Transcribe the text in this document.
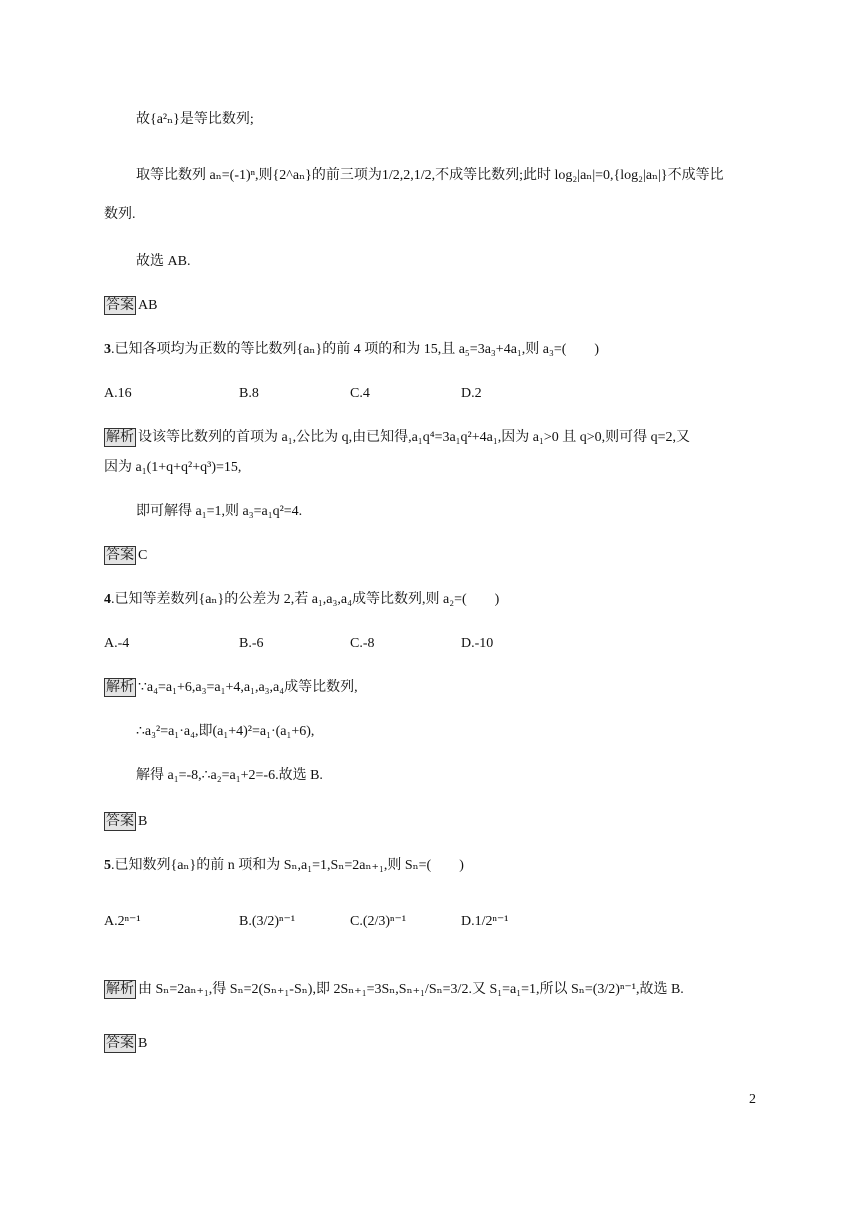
故{a²ₙ}是等比数列;
取等比数列 aₙ=(-1)ⁿ,则{2^aₙ}的前三项为1/2,2,1/2,不成等比数列;此时 log₂|aₙ|=0,{log₂|aₙ|}不成等比
数列.
故选 AB.
答案 AB
3.已知各项均为正数的等比数列{aₙ}的前 4 项的和为 15,且 a₅=3a₃+4a₁,则 a₃=(　　)
A.16	B.8	C.4	D.2
解析 设该等比数列的首项为 a₁,公比为 q,由已知得,a₁q⁴=3a₁q²+4a₁,因为 a₁>0 且 q>0,则可得 q=2,又
因为 a₁(1+q+q²+q³)=15,
即可解得 a₁=1,则 a₃=a₁q²=4.
答案 C
4.已知等差数列{aₙ}的公差为 2,若 a₁,a₃,a₄成等比数列,则 a₂=(　　)
A.-4	B.-6	C.-8	D.-10
解析 ∵a₄=a₁+6,a₃=a₁+4,a₁,a₃,a₄成等比数列,
∴a₃²=a₁·a₄,即(a₁+4)²=a₁·(a₁+6),
解得 a₁=-8,∴a₂=a₁+2=-6.故选 B.
答案 B
5.已知数列{aₙ}的前 n 项和为 Sₙ,a₁=1,Sₙ=2aₙ₊₁,则 Sₙ=(　　)
A.2ⁿ⁻¹	B.(3/2)ⁿ⁻¹	C.(2/3)ⁿ⁻¹	D.1/2ⁿ⁻¹
解析 由 Sₙ=2aₙ₊₁,得 Sₙ=2(Sₙ₊₁-Sₙ),即 2Sₙ₊₁=3Sₙ,Sₙ₊₁/Sₙ=3/2.又 S₁=a₁=1,所以 Sₙ=(3/2)ⁿ⁻¹,故选 B.
答案 B
2
